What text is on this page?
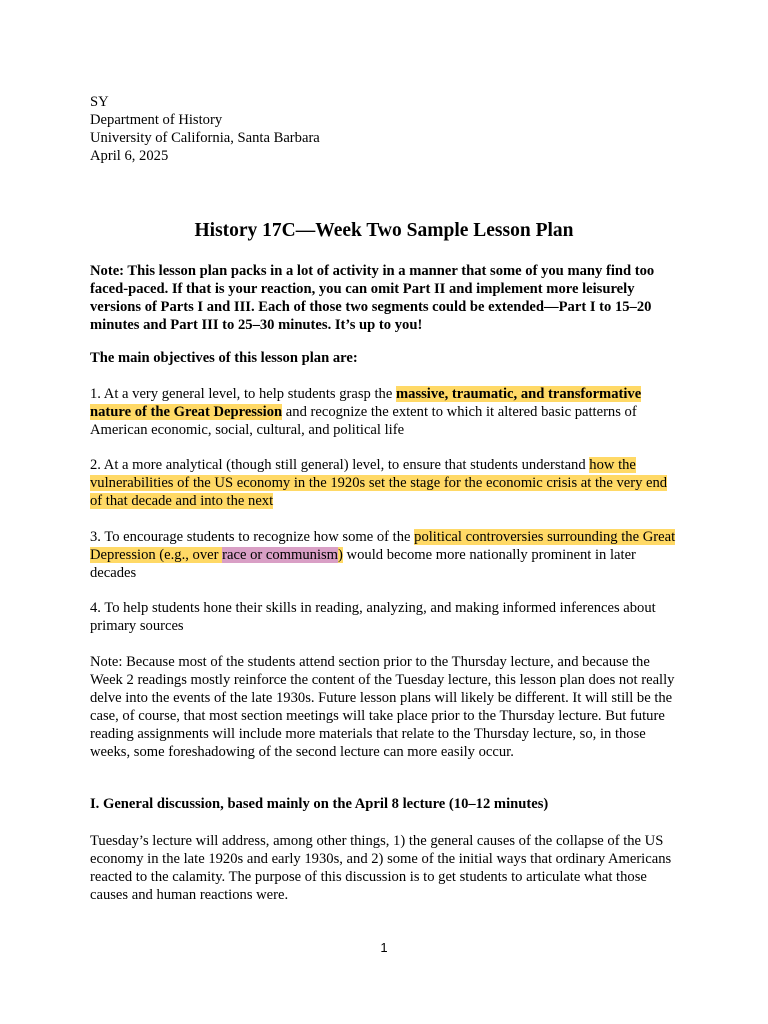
SY
Department of History
University of California, Santa Barbara
April 6, 2025
History 17C—Week Two Sample Lesson Plan
Note: This lesson plan packs in a lot of activity in a manner that some of you many find too faced-paced. If that is your reaction, you can omit Part II and implement more leisurely versions of Parts I and III. Each of those two segments could be extended—Part I to 15–20 minutes and Part III to 25–30 minutes. It’s up to you!
The main objectives of this lesson plan are:
1. At a very general level, to help students grasp the massive, traumatic, and transformative nature of the Great Depression and recognize the extent to which it altered basic patterns of American economic, social, cultural, and political life
2. At a more analytical (though still general) level, to ensure that students understand how the vulnerabilities of the US economy in the 1920s set the stage for the economic crisis at the very end of that decade and into the next
3. To encourage students to recognize how some of the political controversies surrounding the Great Depression (e.g., over race or communism) would become more nationally prominent in later decades
4. To help students hone their skills in reading, analyzing, and making informed inferences about primary sources
Note: Because most of the students attend section prior to the Thursday lecture, and because the Week 2 readings mostly reinforce the content of the Tuesday lecture, this lesson plan does not really delve into the events of the late 1930s. Future lesson plans will likely be different. It will still be the case, of course, that most section meetings will take place prior to the Thursday lecture. But future reading assignments will include more materials that relate to the Thursday lecture, so, in those weeks, some foreshadowing of the second lecture can more easily occur.
I. General discussion, based mainly on the April 8 lecture (10–12 minutes)
Tuesday’s lecture will address, among other things, 1) the general causes of the collapse of the US economy in the late 1920s and early 1930s, and 2) some of the initial ways that ordinary Americans reacted to the calamity. The purpose of this discussion is to get students to articulate what those causes and human reactions were.
1
